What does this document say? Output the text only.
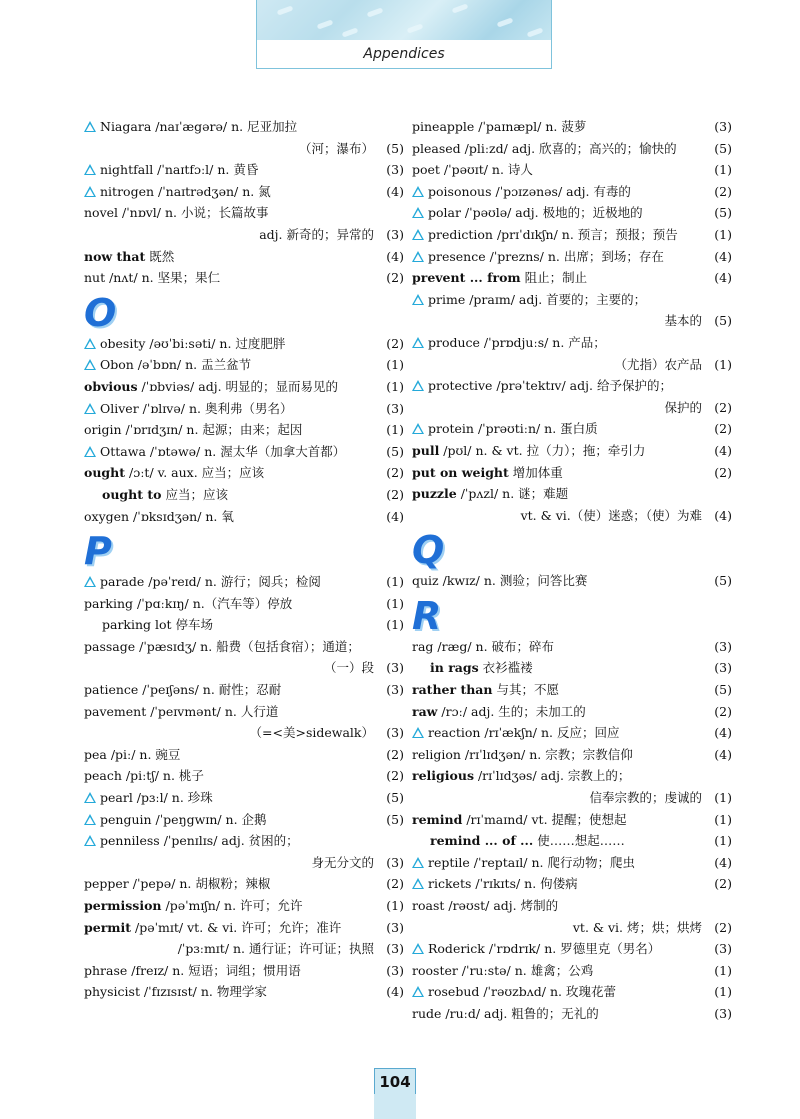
Appendices
Niagara /naɪˈægərə/ n. 尼亚加拉
（河；瀑布） (5)
nightfall /ˈnaɪtfɔːl/ n. 黄昏	(3)
nitrogen /ˈnaɪtrədʒən/ n. 氮	(4)
novel /ˈnɒvl/ n. 小说；长篇故事
adj. 新奇的；异常的 (3)
now that 既然	(4)
nut /nʌt/ n. 坚果；果仁	(2)
O
obesity /əʊˈbiːsəti/ n. 过度肥胖	(2)
Obon /əˈbɒn/ n. 盂兰盆节	(1)
obvious /ˈɒbviəs/ adj. 明显的；显而易见的	(1)
Oliver /ˈɒlɪvə/ n. 奥利弗（男名）	(3)
origin /ˈɒrɪdʒɪn/ n. 起源；由来；起因	(1)
Ottawa /ˈɒtəwə/ n. 渥太华（加拿大首都）	(5)
ought /ɔːt/ v. aux. 应当；应该	(2)
ought to 应当；应该	(2)
oxygen /ˈɒksɪdʒən/ n. 氧	(4)
P
parade /pəˈreɪd/ n. 游行；阅兵；检阅	(1)
parking /ˈpɑːkɪŋ/ n.（汽车等）停放	(1)
parking lot 停车场	(1)
passage /ˈpæsɪdʒ/ n. 船费（包括食宿）；通道；
（一）段 (3)
patience /ˈpeɪʃəns/ n. 耐性；忍耐	(3)
pavement /ˈpeɪvmənt/ n. 人行道
（=<美>sidewalk） (3)
pea /piː/ n. 豌豆	(2)
peach /piːtʃ/ n. 桃子	(2)
pearl /pɜːl/ n. 珍珠	(5)
penguin /ˈpeŋgwɪn/ n. 企鹅	(5)
penniless /ˈpenɪlɪs/ adj. 贫困的；
身无分文的 (3)
pepper /ˈpepə/ n. 胡椒粉；辣椒	(2)
permission /pəˈmɪʃn/ n. 许可；允许	(1)
permit /pəˈmɪt/ vt. & vi. 许可；允许；准许	(3)
/ˈpɜːmɪt/ n. 通行证；许可证；执照 (3)
phrase /freɪz/ n. 短语；词组；惯用语	(3)
physicist /ˈfɪzɪsɪst/ n. 物理学家	(4)
pineapple /ˈpaɪnæpl/ n. 菠萝	(3)
pleased /pliːzd/ adj. 欣喜的；高兴的；愉快的	(5)
poet /ˈpəʊɪt/ n. 诗人	(1)
poisonous /ˈpɔɪzənəs/ adj. 有毒的	(2)
polar /ˈpəʊlə/ adj. 极地的；近极地的	(5)
prediction /prɪˈdɪkʃn/ n. 预言；预报；预告	(1)
presence /ˈprezns/ n. 出席；到场；存在	(4)
prevent ... from 阻止；制止	(4)
prime /praɪm/ adj. 首要的；主要的；
基本的 (5)
produce /ˈprɒdjuːs/ n. 产品；
（尤指）农产品 (1)
protective /prəˈtektɪv/ adj. 给予保护的；
保护的 (2)
protein /ˈprəʊtiːn/ n. 蛋白质	(2)
pull /pʊl/ n. & vt. 拉（力）；拖；牵引力	(4)
put on weight 增加体重	(2)
puzzle /ˈpʌzl/ n. 谜；难题
vt. & vi.（使）迷惑；（使）为难 (4)
Q
quiz /kwɪz/ n. 测验；问答比赛	(5)
R
rag /ræg/ n. 破布；碎布	(3)
in rags 衣衫褴褛	(3)
rather than 与其；不愿	(5)
raw /rɔː/ adj. 生的；未加工的	(2)
reaction /rɪˈækʃn/ n. 反应；回应	(4)
religion /rɪˈlɪdʒən/ n. 宗教；宗教信仰	(4)
religious /rɪˈlɪdʒəs/ adj. 宗教上的；
信奉宗教的；虔诚的 (1)
remind /rɪˈmaɪnd/ vt. 提醒；使想起	(1)
remind ... of ... 使……想起……	(1)
reptile /ˈreptaɪl/ n. 爬行动物；爬虫	(4)
rickets /ˈrɪkɪts/ n. 佝偻病	(2)
roast /rəʊst/ adj. 烤制的
vt. & vi. 烤；烘；烘烤 (2)
Roderick /ˈrɒdrɪk/ n. 罗德里克（男名）	(3)
rooster /ˈruːstə/ n. 雄禽；公鸡	(1)
rosebud /ˈrəʊzbʌd/ n. 玫瑰花蕾	(1)
rude /ruːd/ adj. 粗鲁的；无礼的	(3)
104
